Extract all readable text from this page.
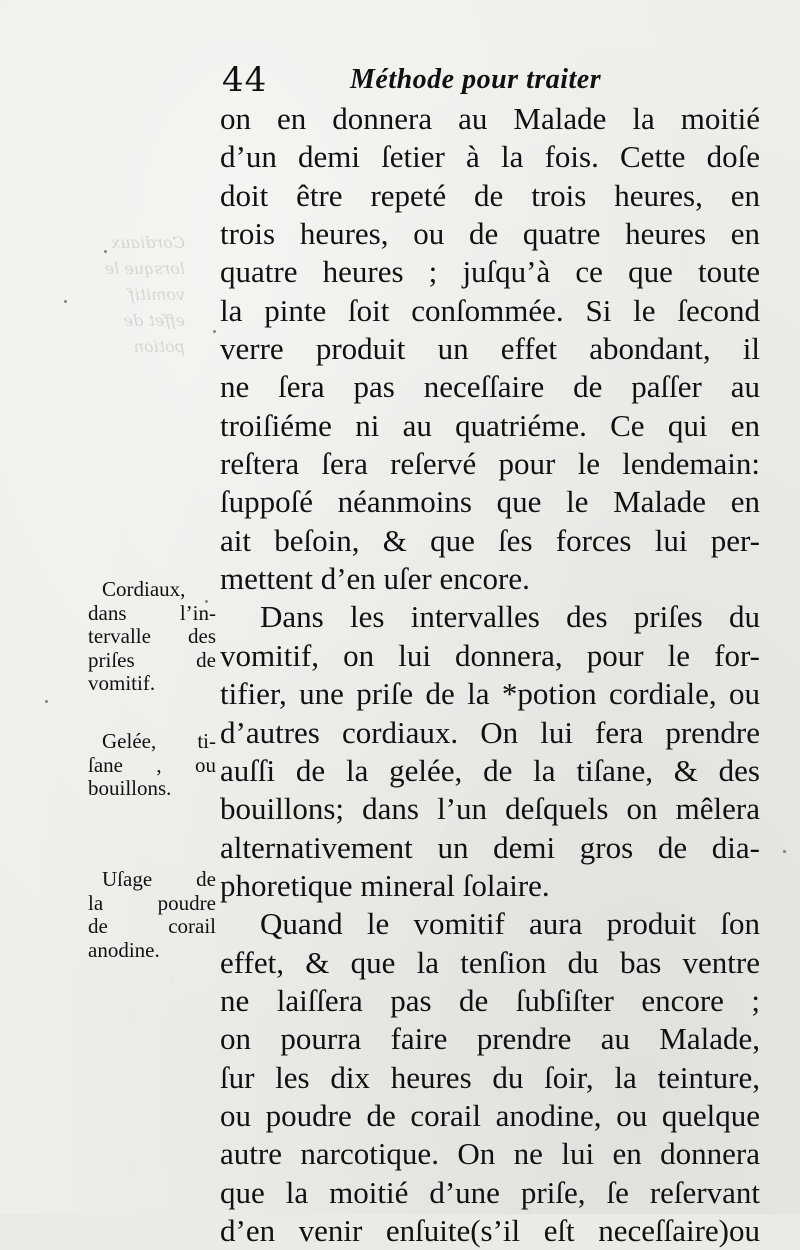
Cordiaux
lorsque le
vomitif
effet de
potion
44	Méthode pour traiter
on en donnera au Malade la moitié
d’un demi ſetier à la fois. Cette doſe
doit être repeté de trois heures, en
trois heures, ou de quatre heures en
quatre heures ; juſqu’à ce que toute
la pinte ſoit conſommée. Si le ſecond
verre produit un effet abondant, il
ne ſera pas neceſſaire de paſſer au
troiſiéme ni au quatriéme. Ce qui en
reſtera ſera reſervé pour le lendemain:
ſuppoſé néanmoins que le Malade en
ait beſoin, & que ſes forces lui per-
mettent d’en uſer encore.
Dans les intervalles des priſes du
vomitif, on lui donnera, pour le for-
tifier, une priſe de la *potion cordiale, ou
d’autres cordiaux. On lui fera prendre
auſſi de la gelée, de la tiſane, & des
bouillons; dans l’un deſquels on mêlera
alternativement un demi gros de dia-
phoretique mineral ſolaire.
Quand le vomitif aura produit ſon
effet, & que la tenſion du bas ventre
ne laiſſera pas de ſubſiſter encore ;
on pourra faire prendre au Malade,
ſur les dix heures du ſoir, la teinture,
ou poudre de corail anodine, ou quelque
autre narcotique. On ne lui en donnera
que la moitié d’une priſe, ſe reſervant
d’en venir enſuite(s’il eſt neceſſaire)ou
Cordiaux,
dans l’in-
tervalle des
priſes de
vomitif.
Gelée, ti-
ſane , ou
bouillons.
Uſage de
la poudre
de corail
anodine.
